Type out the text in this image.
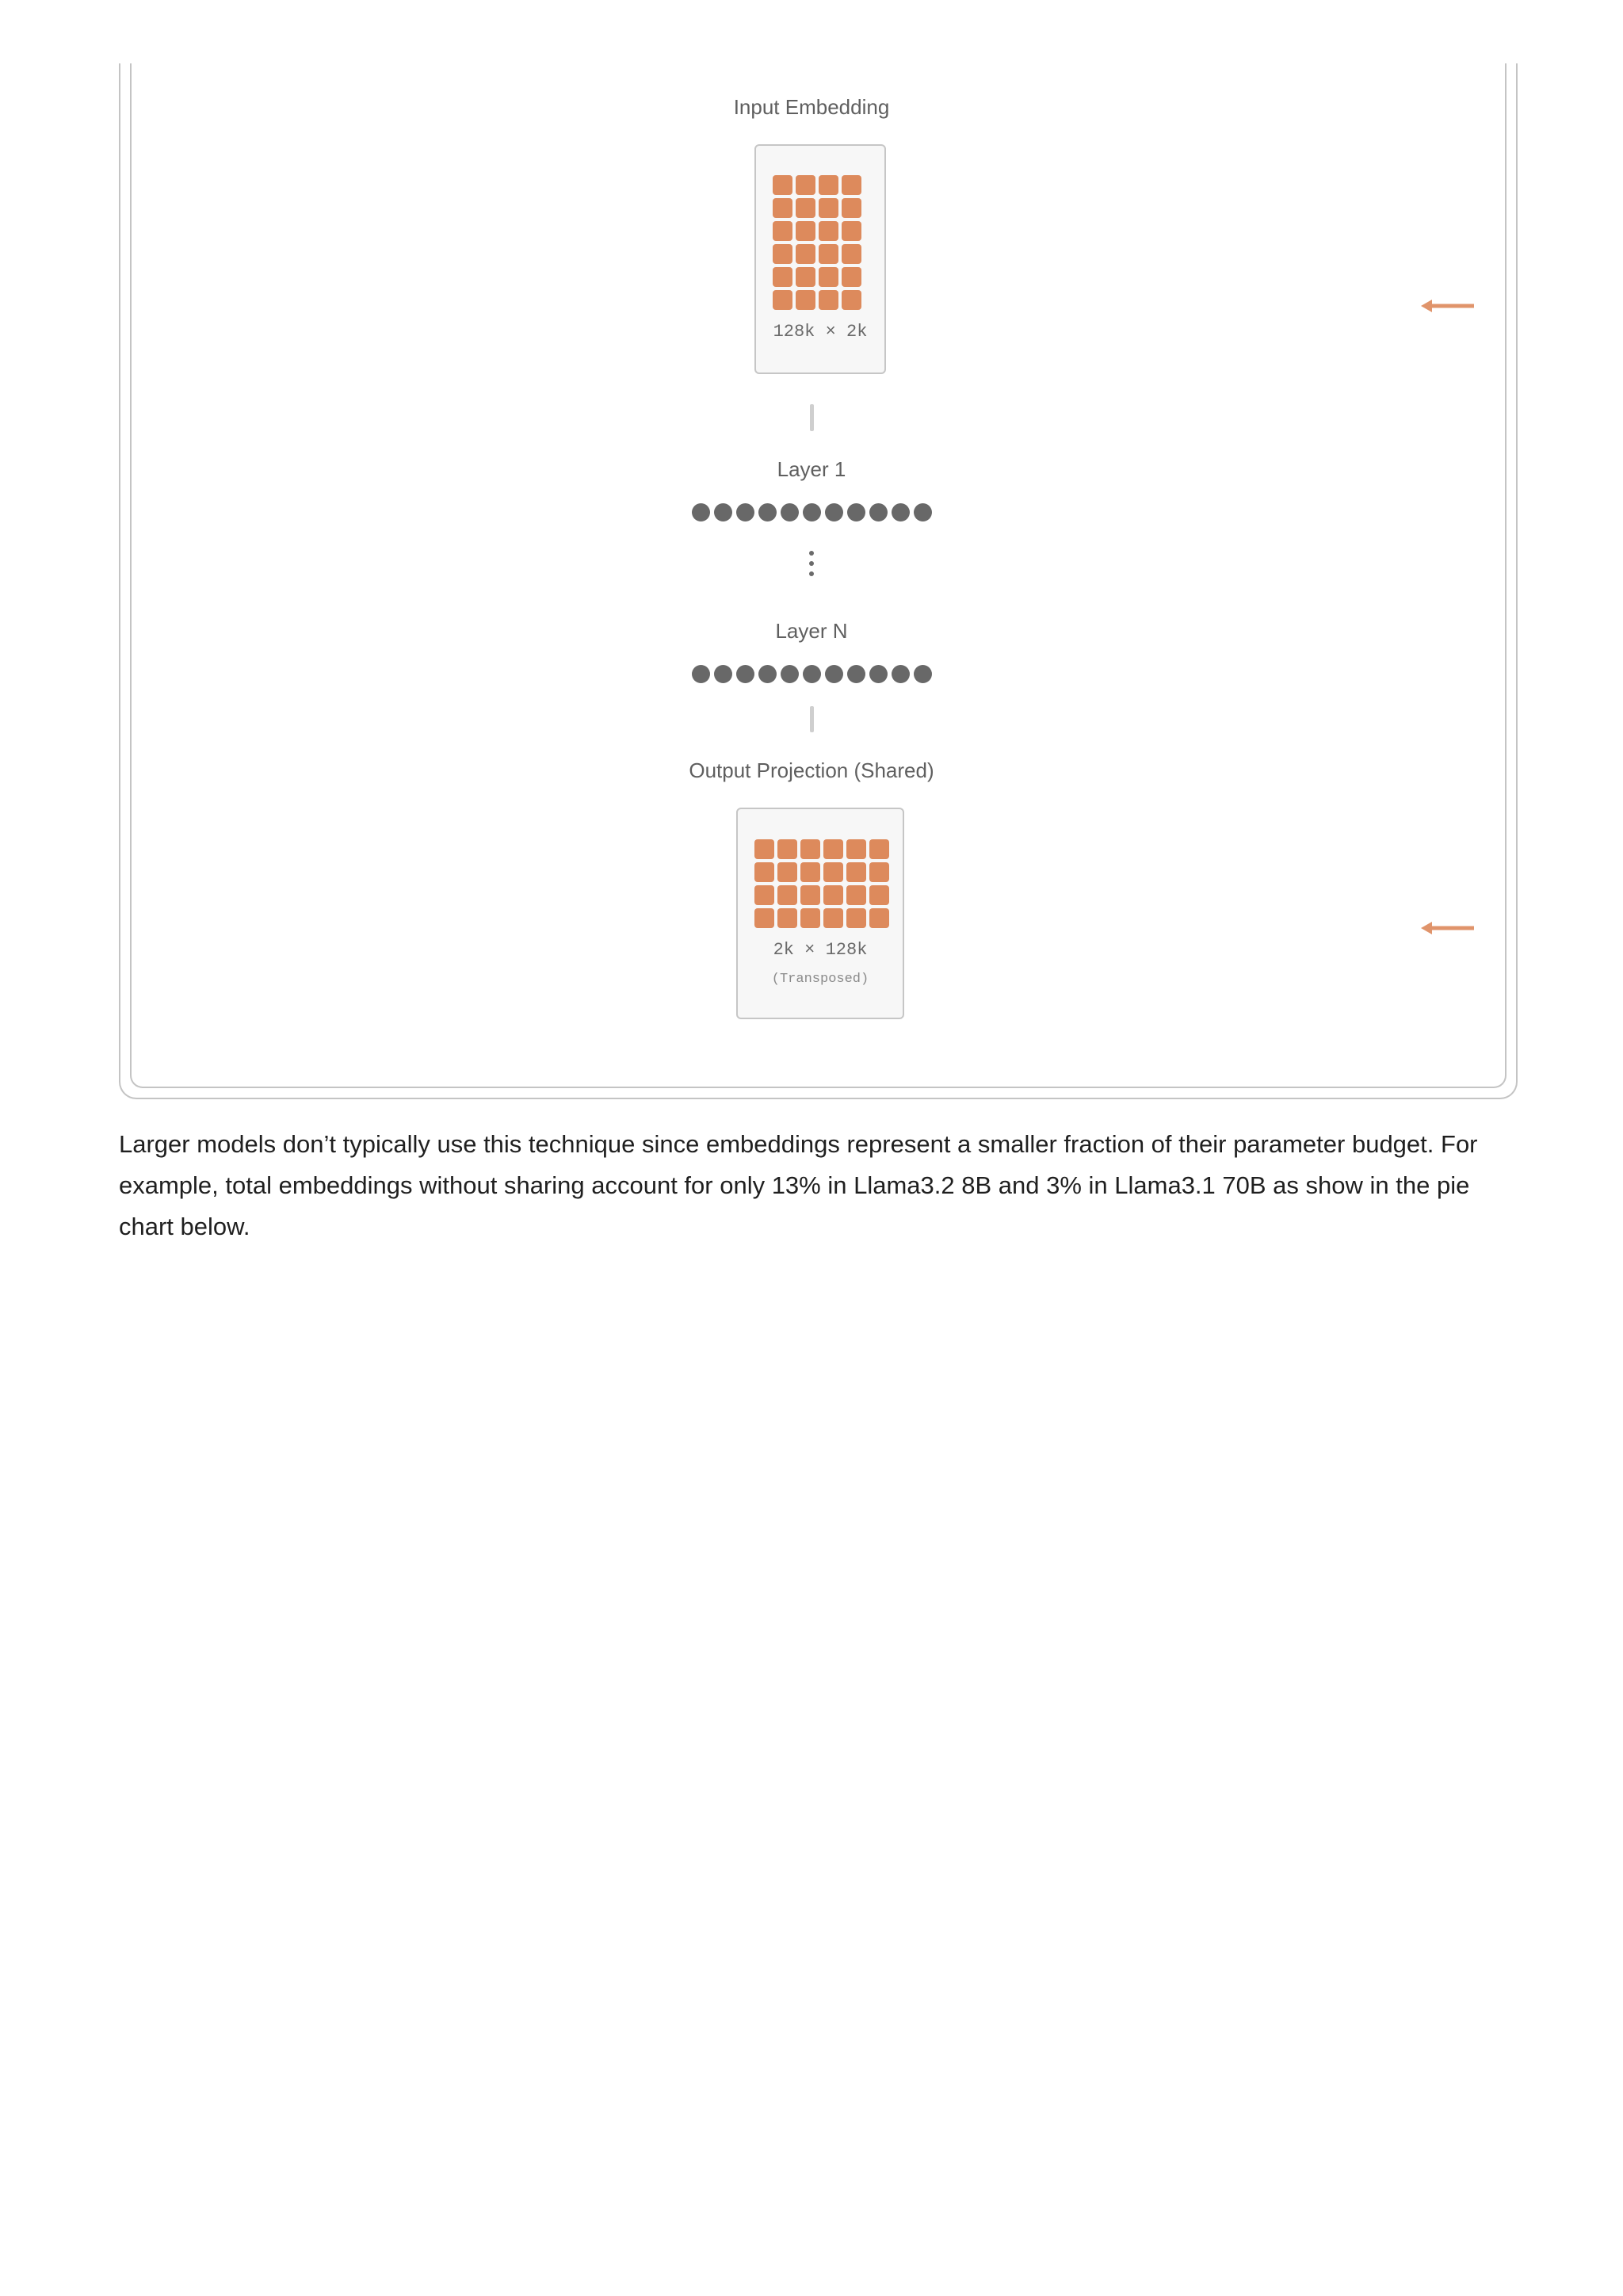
Input Embedding
128k × 2k
Layer 1
Layer N
Output Projection (Shared)
2k × 128k
(Transposed)

Larger models don’t typically use this technique since embeddings represent a smaller fraction of their parameter budget. For example, total embeddings without sharing account for only 13% in Llama3.2 8B and 3% in Llama3.1 70B as show in the pie chart below.
